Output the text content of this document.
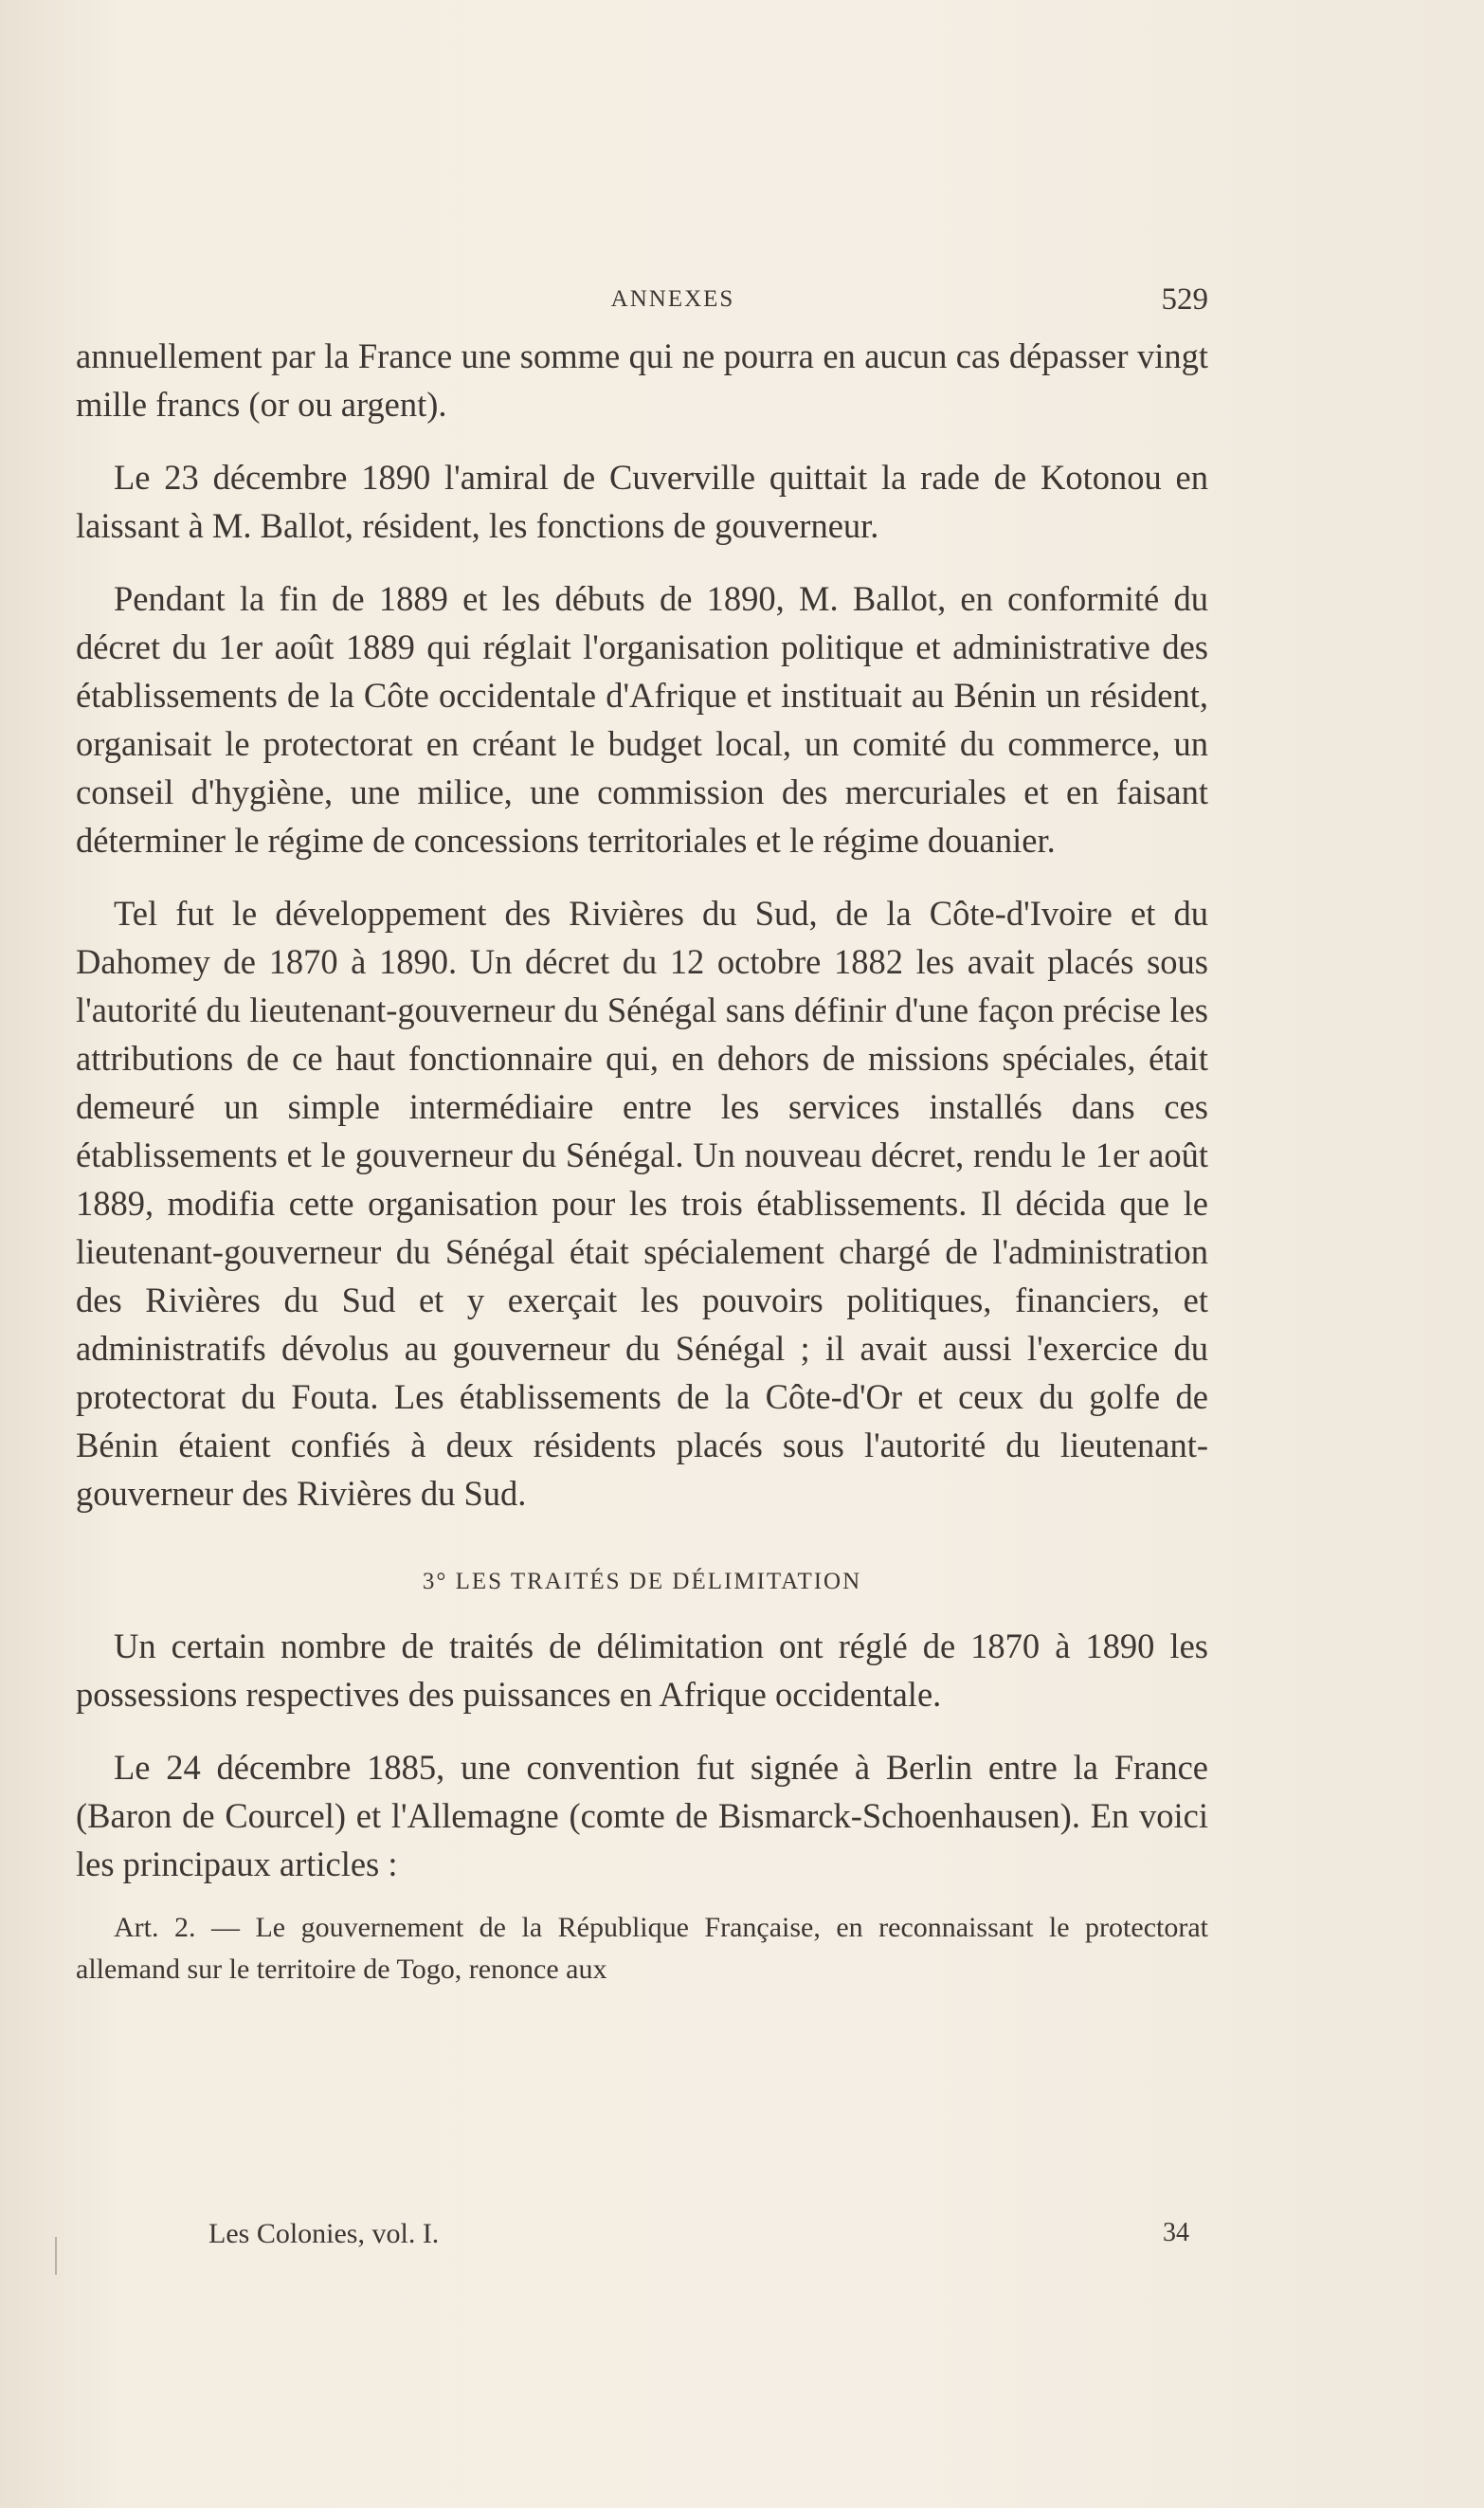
ANNEXES	529

annuellement par la France une somme qui ne pourra en aucun cas dépasser vingt mille francs (or ou argent).

Le 23 décembre 1890 l'amiral de Cuverville quittait la rade de Kotonou en laissant à M. Ballot, résident, les fonctions de gouverneur.

Pendant la fin de 1889 et les débuts de 1890, M. Ballot, en conformité du décret du 1er août 1889 qui réglait l'organisation politique et administrative des établissements de la Côte occidentale d'Afrique et instituait au Bénin un résident, organisait le protectorat en créant le budget local, un comité du commerce, un conseil d'hygiène, une milice, une commission des mercuriales et en faisant déterminer le régime de concessions territoriales et le régime douanier.

Tel fut le développement des Rivières du Sud, de la Côte-d'Ivoire et du Dahomey de 1870 à 1890. Un décret du 12 octobre 1882 les avait placés sous l'autorité du lieutenant-gouverneur du Sénégal sans définir d'une façon précise les attributions de ce haut fonctionnaire qui, en dehors de missions spéciales, était demeuré un simple intermédiaire entre les services installés dans ces établissements et le gouverneur du Sénégal. Un nouveau décret, rendu le 1er août 1889, modifia cette organisation pour les trois établissements. Il décida que le lieutenant-gouverneur du Sénégal était spécialement chargé de l'administration des Rivières du Sud et y exerçait les pouvoirs politiques, financiers, et administratifs dévolus au gouverneur du Sénégal ; il avait aussi l'exercice du protectorat du Fouta. Les établissements de la Côte-d'Or et ceux du golfe de Bénin étaient confiés à deux résidents placés sous l'autorité du lieutenant-gouverneur des Rivières du Sud.

3° LES TRAITÉS DE DÉLIMITATION

Un certain nombre de traités de délimitation ont réglé de 1870 à 1890 les possessions respectives des puissances en Afrique occidentale.

Le 24 décembre 1885, une convention fut signée à Berlin entre la France (Baron de Courcel) et l'Allemagne (comte de Bismarck-Schoenhausen). En voici les principaux articles :

Art. 2. — Le gouvernement de la République Française, en reconnaissant le protectorat allemand sur le territoire de Togo, renonce aux

Les Colonies, vol. I.	34
